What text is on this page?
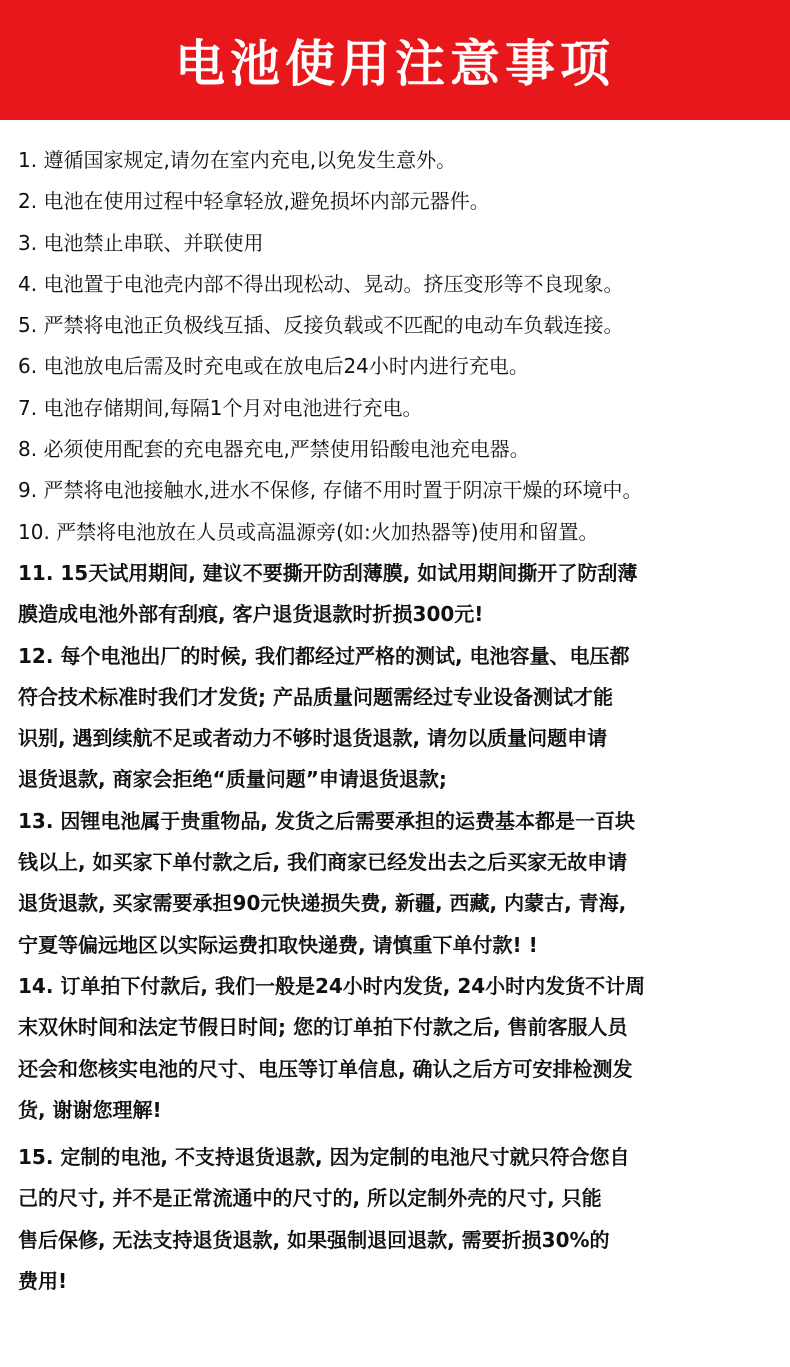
电池使用注意事项
1. 遵循国家规定,请勿在室内充电,以免发生意外。
2. 电池在使用过程中轻拿轻放,避免损坏内部元器件。
3. 电池禁止串联、并联使用
4. 电池置于电池壳内部不得出现松动、晃动。挤压变形等不良现象。
5. 严禁将电池正负极线互插、反接负载或不匹配的电动车负载连接。
6. 电池放电后需及时充电或在放电后24小时内进行充电。
7. 电池存储期间,每隔1个月对电池进行充电。
8. 必须使用配套的充电器充电,严禁使用铅酸电池充电器。
9. 严禁将电池接触水,进水不保修, 存储不用时置于阴凉干燥的环境中。
10. 严禁将电池放在人员或高温源旁(如:火加热器等)使用和留置。
11. 15天试用期间, 建议不要撕开防刮薄膜, 如试用期间撕开了防刮薄
膜造成电池外部有刮痕, 客户退货退款时折损300元!
12. 每个电池出厂的时候, 我们都经过严格的测试, 电池容量、电压都
符合技术标准时我们才发货; 产品质量问题需经过专业设备测试才能
识别, 遇到续航不足或者动力不够时退货退款, 请勿以质量问题申请
退货退款, 商家会拒绝“质量问题”申请退货退款;
13. 因锂电池属于贵重物品, 发货之后需要承担的运费基本都是一百块
钱以上, 如买家下单付款之后, 我们商家已经发出去之后买家无故申请
退货退款, 买家需要承担90元快递损失费, 新疆, 西藏, 内蒙古, 青海,
宁夏等偏远地区以实际运费扣取快递费, 请慎重下单付款! !
14. 订单拍下付款后, 我们一般是24小时内发货, 24小时内发货不计周
末双休时间和法定节假日时间; 您的订单拍下付款之后, 售前客服人员
还会和您核实电池的尺寸、电压等订单信息, 确认之后方可安排检测发
货, 谢谢您理解!
15. 定制的电池, 不支持退货退款, 因为定制的电池尺寸就只符合您自
己的尺寸, 并不是正常流通中的尺寸的, 所以定制外壳的尺寸, 只能
售后保修, 无法支持退货退款, 如果强制退回退款, 需要折损30%的
费用!
